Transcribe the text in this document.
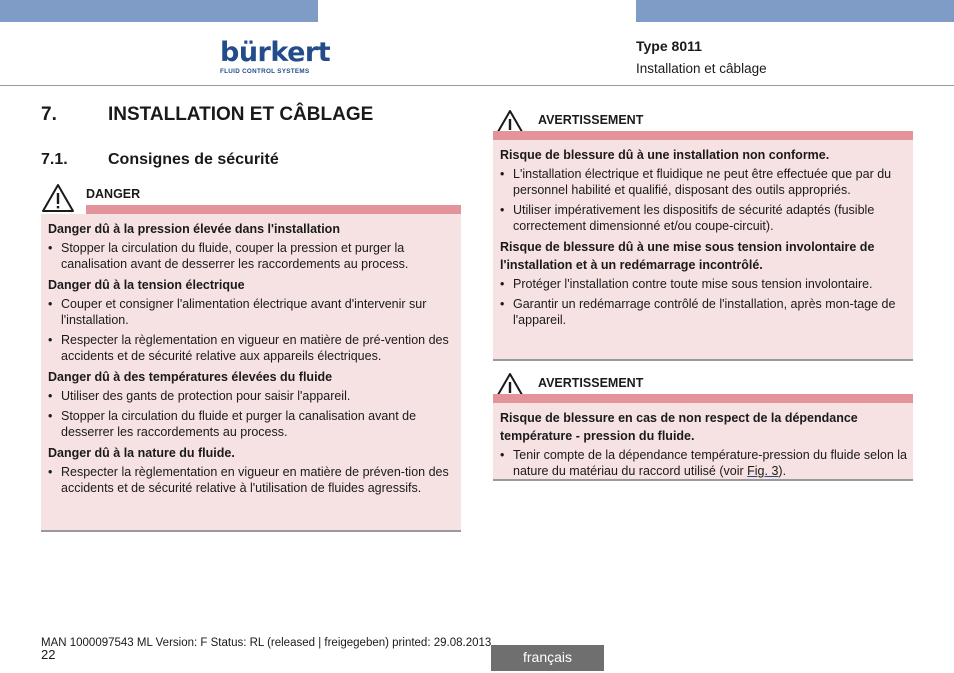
bürkert
FLUID CONTROL SYSTEMS
Type 8011
Installation et câblage
7.	INSTALLATION ET CÂBLAGE
7.1.	Consignes de sécurité
DANGER
Danger dû à la pression élevée dans l'installation
• Stopper la circulation du fluide, couper la pression et purger la canalisation avant de desserrer les raccordements au process.
Danger dû à la tension électrique
• Couper et consigner l'alimentation électrique avant d'intervenir sur l'installation.
• Respecter la règlementation en vigueur en matière de pré-vention des accidents et de sécurité relative aux appareils électriques.
Danger dû à des températures élevées du fluide
• Utiliser des gants de protection pour saisir l'appareil.
• Stopper la circulation du fluide et purger la canalisation avant de desserrer les raccordements au process.
Danger dû à la nature du fluide.
• Respecter la règlementation en vigueur en matière de préven-tion des accidents et de sécurité relative à l'utilisation de fluides agressifs.
AVERTISSEMENT
Risque de blessure dû à une installation non conforme.
• L'installation électrique et fluidique ne peut être effectuée que par du personnel habilité et qualifié, disposant des outils appropriés.
• Utiliser impérativement les dispositifs de sécurité adaptés (fusible correctement dimensionné et/ou coupe-circuit).
Risque de blessure dû à une mise sous tension involontaire de l'installation et à un redémarrage incontrôlé.
• Protéger l'installation contre toute mise sous tension involontaire.
• Garantir un redémarrage contrôlé de l'installation, après mon-tage de l'appareil.
AVERTISSEMENT
Risque de blessure en cas de non respect de la dépendance température - pression du fluide.
• Tenir compte de la dépendance température-pression du fluide selon la nature du matériau du raccord utilisé (voir Fig. 3).
MAN 1000097543 ML Version: F Status: RL (released | freigegeben) printed: 29.08.2013
22	français
